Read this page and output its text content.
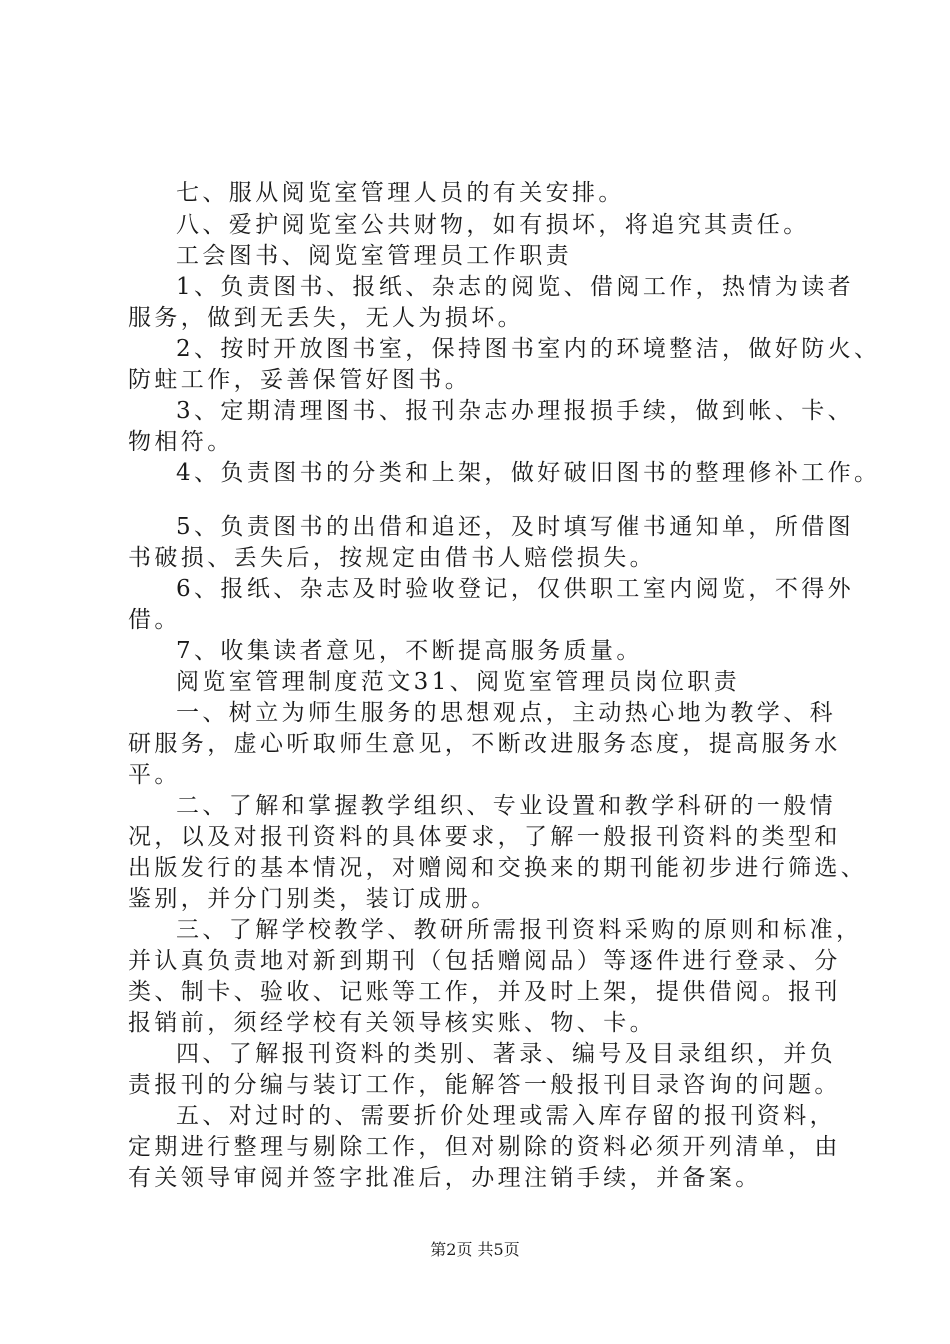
七、服从阅览室管理人员的有关安排。
八、爱护阅览室公共财物，如有损坏，将追究其责任。
工会图书、阅览室管理员工作职责
1、负责图书、报纸、杂志的阅览、借阅工作，热情为读者
服务，做到无丢失，无人为损坏。
2、按时开放图书室，保持图书室内的环境整洁，做好防火、
防蛀工作，妥善保管好图书。
3、定期清理图书、报刊杂志办理报损手续，做到帐、卡、
物相符。
4、负责图书的分类和上架，做好破旧图书的整理修补工作。
5、负责图书的出借和追还，及时填写催书通知单，所借图
书破损、丢失后，按规定由借书人赔偿损失。
6、报纸、杂志及时验收登记，仅供职工室内阅览，不得外
借。
7、收集读者意见，不断提高服务质量。
阅览室管理制度范文31、阅览室管理员岗位职责
一、树立为师生服务的思想观点，主动热心地为教学、科
研服务，虚心听取师生意见，不断改进服务态度，提高服务水
平。
二、了解和掌握教学组织、专业设置和教学科研的一般情
况，以及对报刊资料的具体要求，了解一般报刊资料的类型和
出版发行的基本情况，对赠阅和交换来的期刊能初步进行筛选、
鉴别，并分门别类，装订成册。
三、了解学校教学、教研所需报刊资料采购的原则和标准，
并认真负责地对新到期刊（包括赠阅品）等逐件进行登录、分
类、制卡、验收、记账等工作，并及时上架，提供借阅。报刊
报销前，须经学校有关领导核实账、物、卡。
四、了解报刊资料的类别、著录、编号及目录组织，并负
责报刊的分编与装订工作，能解答一般报刊目录咨询的问题。
五、对过时的、需要折价处理或需入库存留的报刊资料，
定期进行整理与剔除工作，但对剔除的资料必须开列清单，由
有关领导审阅并签字批准后，办理注销手续，并备案。
第2页 共5页
